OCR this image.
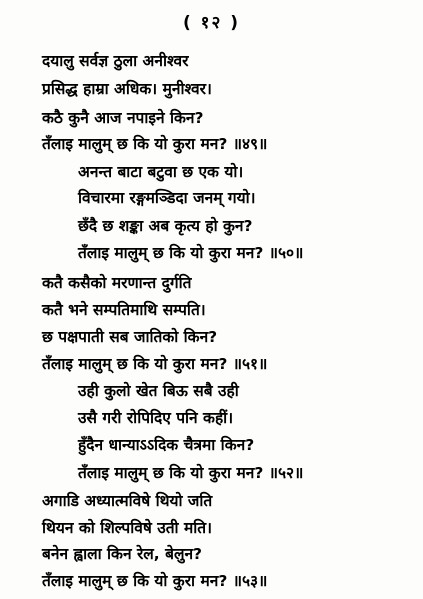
( १२ )
दयालु सर्वज्ञ ठुला अनीश्वर
प्रसिद्ध हाम्रा अधिक। मुनीश्वर।
कठै कुनै आज नपाइने किन?
तँलाइ मालुम् छ कि यो कुरा मन? ॥४९॥
अनन्त बाटा बटुवा छ एक यो।
विचारमा रङ्गमञ्डिदा जनम् गयो।
छँदै छ शङ्का अब कृत्य हो कुन?
तँलाइ मालुम् छ कि यो कुरा मन? ॥५०॥
कतै कसैको मरणान्त दुर्गति
कतै भने सम्पतिमाथि सम्पति।
छ पक्षपाती सब जातिको किन?
तँलाइ मालुम् छ कि यो कुरा मन? ॥५१॥
उही कुलो खेत बिऊ सबै उही
उसै गरी रोपिदिए पनि कहीं।
हुँदैन धान्याऽऽदिक चैत्रमा किन?
तँलाइ मालुम् छ कि यो कुरा मन? ॥५२॥
अगाडि अध्यात्मविषे थियो जति
थियन को शिल्पविषे उती मति।
बनेन ह्वाला किन रेल, बेलुन?
तँलाइ मालुम् छ कि यो कुरा मन? ॥५३॥
